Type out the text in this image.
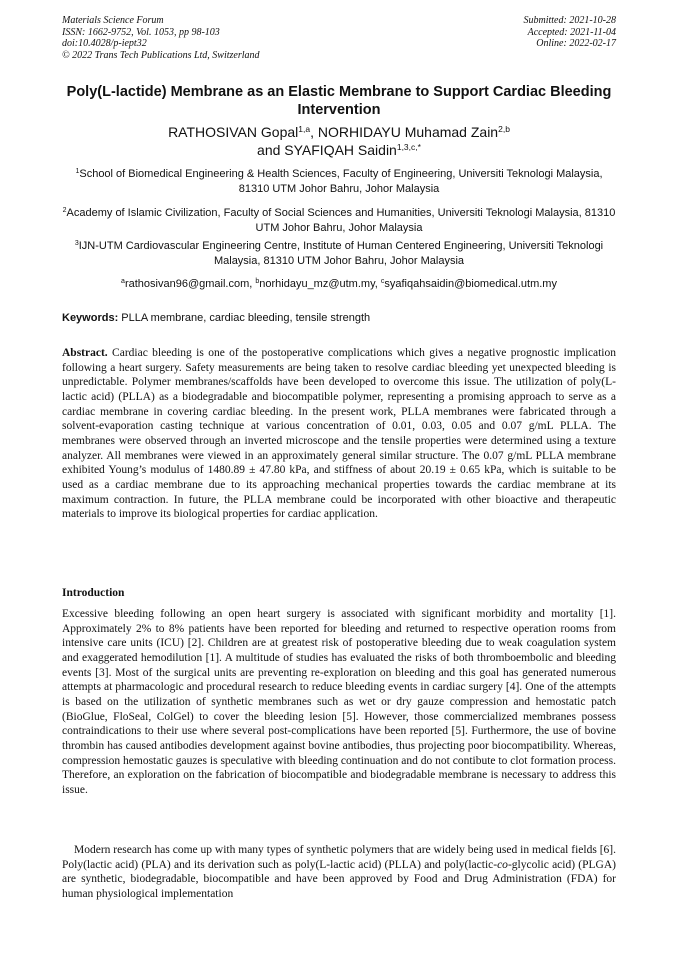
Materials Science Forum
ISSN: 1662-9752, Vol. 1053, pp 98-103
doi:10.4028/p-iept32
© 2022 Trans Tech Publications Ltd, Switzerland
Submitted: 2021-10-28
Accepted: 2021-11-04
Online: 2022-02-17
Poly(L-lactide) Membrane as an Elastic Membrane to Support Cardiac Bleeding Intervention
RATHOSIVAN Gopal$^{1,a}$, NORHIDAYU Muhamad Zain$^{2,b}$
and SYAFIQAH Saidin$^{1,3,c,*}$
$^1$School of Biomedical Engineering & Health Sciences, Faculty of Engineering, Universiti Teknologi Malaysia, 81310 UTM Johor Bahru, Johor Malaysia
$^2$Academy of Islamic Civilization, Faculty of Social Sciences and Humanities, Universiti Teknologi Malaysia, 81310 UTM Johor Bahru, Johor Malaysia
$^3$IJN-UTM Cardiovascular Engineering Centre, Institute of Human Centered Engineering, Universiti Teknologi Malaysia, 81310 UTM Johor Bahru, Johor Malaysia
$^a$rathosivan96@gmail.com, $^b$norhidayu_mz@utm.my, $^c$syafiqahsaidin@biomedical.utm.my
Keywords: PLLA membrane, cardiac bleeding, tensile strength
Abstract. Cardiac bleeding is one of the postoperative complications which gives a negative prognostic implication following a heart surgery. Safety measurements are being taken to resolve cardiac bleeding yet unexpected bleeding is unpredictable. Polymer membranes/scaffolds have been developed to overcome this issue. The utilization of poly(L-lactic acid) (PLLA) as a biodegradable and biocompatible polymer, representing a promising approach to serve as a cardiac membrane in covering cardiac bleeding. In the present work, PLLA membranes were fabricated through a solvent-evaporation casting technique at various concentration of 0.01, 0.03, 0.05 and 0.07 g/mL PLLA. The membranes were observed through an inverted microscope and the tensile properties were determined using a texture analyzer. All membranes were viewed in an approximately general similar structure. The 0.07 g/mL PLLA membrane exhibited Young’s modulus of 1480.89 ± 47.80 kPa, and stiffness of about 20.19 ± 0.65 kPa, which is suitable to be used as a cardiac membrane due to its approaching mechanical properties towards the cardiac membrane at its maximum contraction. In future, the PLLA membrane could be incorporated with other bioactive and therapeutic materials to improve its biological properties for cardiac application.
Introduction
Excessive bleeding following an open heart surgery is associated with significant morbidity and mortality [1]. Approximately 2% to 8% patients have been reported for bleeding and returned to respective operation rooms from intensive care units (ICU) [2]. Children are at greatest risk of postoperative bleeding due to weak coagulation system and exaggerated hemodilution [1]. A multitude of studies has evaluated the risks of both thromboembolic and bleeding events [3]. Most of the surgical units are preventing re-exploration on bleeding and this goal has generated numerous attempts at pharmacologic and procedural research to reduce bleeding events in cardiac surgery [4]. One of the attempts is based on the utilization of synthetic membranes such as wet or dry gauze compression and hemostatic patch (BioGlue, FloSeal, ColGel) to cover the bleeding lesion [5]. However, those commercialized membranes possess contraindications to their use where several post-complications have been reported [5]. Furthermore, the use of bovine thrombin has caused antibodies development against bovine antibodies, thus projecting poor biocompatibility. Whereas, compression hemostatic gauzes is speculative with bleeding continuation and do not contibute to clot formation process. Therefore, an exploration on the fabrication of biocompatible and biodegradable membrane is necessary to address this issue.
Modern research has come up with many types of synthetic polymers that are widely being used in medical fields [6]. Poly(lactic acid) (PLA) and its derivation such as poly(L-lactic acid) (PLLA) and poly(lactic-co-glycolic acid) (PLGA) are synthetic, biodegradable, biocompatible and have been approved by Food and Drug Administration (FDA) for human physiological implementation
